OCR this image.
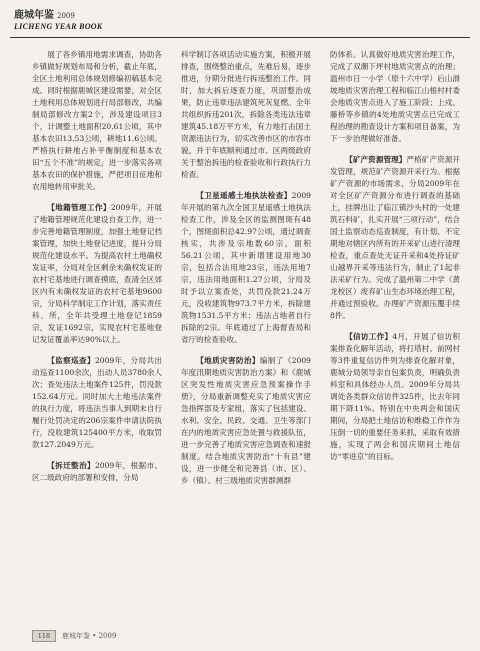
鹿城年鉴 2009
LICHENG YEAR BOOK

展了各乡镇用地需求调查，协助各乡镇做好规划布局和分析，截止年底，全区土地利用总体规划修编初稿基本完成。同时根据鹿城区建设需要，对全区土地利用总体规划进行局部修改，共编制局部修改方案2个，涉及建设项目3个，计调整土地面积20.61公顷，其中基本农田13.53公顷，耕地11.6公顷。严格执行耕地占补平衡制度和基本农田“五个不准”的规定，进一步落实各项基本农田的保护措施，严把项目征地和农用地转用审批关。

【地籍管理工作】2009年，开展了地籍管理规范化建设自查工作，进一步完善地籍管理制度，加强土地登记档案管理，加快土地登记进度，提升分局规范化建设水平。为提高农村土地确权发证率，分局对全区剩余未确权发证的农村宅基地进行调查摸底，查清全区郊区内有未确权发证的农村宅基地9600宗，分局科学制定工作计划，落实责任科、所，全年共受理土地登记1859宗，发证1692宗，实现农村宅基地登记发证覆盖率达90%以上。

【监察巡查】2009年，分局共出动巡查1100余次，出动人员3780余人次；查处违法土地案件125件，罚没款152.64万元。同时加大土地违法案件的执行力度，将违法当事人到期未自行履行处罚决定的206宗案件申请法院执行，没收建筑125400平方米，收取罚款127.2049万元。

【拆迁整治】2009年，根据市、区二级政府的部署和安排，分局

科学制订各项活动实施方案，积极开展排查，围绕整治重点，先难后易，逐步推进，分期分批进行拆违整治工作。同时，加大拆后逐查力度，巩固整治成果，防止违章违法建筑死灰复燃。全年共组织拆违201次，拆除各类违法违章建筑45.18万平方米，有力地打击国土资源违法行为，切实改善市区的市容市貌。并于年底顺利通过市、区两级政府关于整治拆违的检查验收和行政执行力检查。

【卫星遥感土地执法检查】2009年开展的第九次全国卫星遥感土地执法检查工作，涉及全区的监测图斑有48个，图斑面积总42.97公顷，通过调查核实，共涉及宗地数60宗，面积56.21公顷，其中新增建设用地30宗，包括合法用地23宗，违法用地7宗，违法用地面积1.27公顷，分局及时予以立案查处，共罚没款21.24万元，没收建筑物973.7平方米，拆除建筑物1531.5平方米；违法占地者自行拆除的2宗。年底通过了上海督查局和省厅的检查验收。

【地质灾害防治】编制了《2009年度汛期地质灾害防治方案》和《鹿城区突发性地质灾害应急预案操作手册》，分局重新调整充实了地质灾害应急指挥部及专家组，落实了包括建设、水利、安全、民政、交通、卫生等部门在内的地质灾害应急处置与救援队伍，进一步完善了地质灾害应急调查和速报制度。结合地质灾害防治“十有县”建设，进一步健全和完善县（市、区）、乡（镇）、村三级地质灾害群测群

防体系。认真做好地质灾害治理工作，完成了双潮下坪村地质灾害点的治理；温州市日一小学（原十六中学）后山滑坡地质灾害治理工程和临江山根村村委会地质灾害点进入了施工阶段；上戍、藤桥等乡镇的4处地质灾害点已完成工程治理的勘查设计方案和项目备案，为下一步治理做好准备。

【矿产资源管理】严格矿产资源开发管理，规范矿产资源开采行为。根据矿产资源的市场需求，分局2009年在对全区矿产资源分布进行调查的基础上，挂牌出让了临江镇沙头村的一处建筑石料矿，扎实开展“三项行动”，结合国土监察动态巡查制度，有计划、不定期地对辖区内所有的开采矿山进行清理检查，重点查处无证开采和4处持证矿山越界开采等违法行为，制止了1起非法采矿行为。完成了温州第二中学（黄龙校区）废弃矿山生态环境治理工程，并通过预验收。办理矿产资源压覆手续8件。

【信访工作】4月，开展了信访积案排查化解年活动，将打塔村、前网村等3件重复信访件列为排查化解对象，鹿城分局领导亲自包案负责，明确负责科室和具体经办人员。2009年分局共调处各类群众信访件325件，比去年同期下降11%。特别在中央两会和国庆期间，分局把土地信访和维稳工作作为压倒一切的重要任务来抓，采取有效措施，实现了两会和国庆期间土地信访“零进京”的目标。

118	鹿城年鉴 • 2009
